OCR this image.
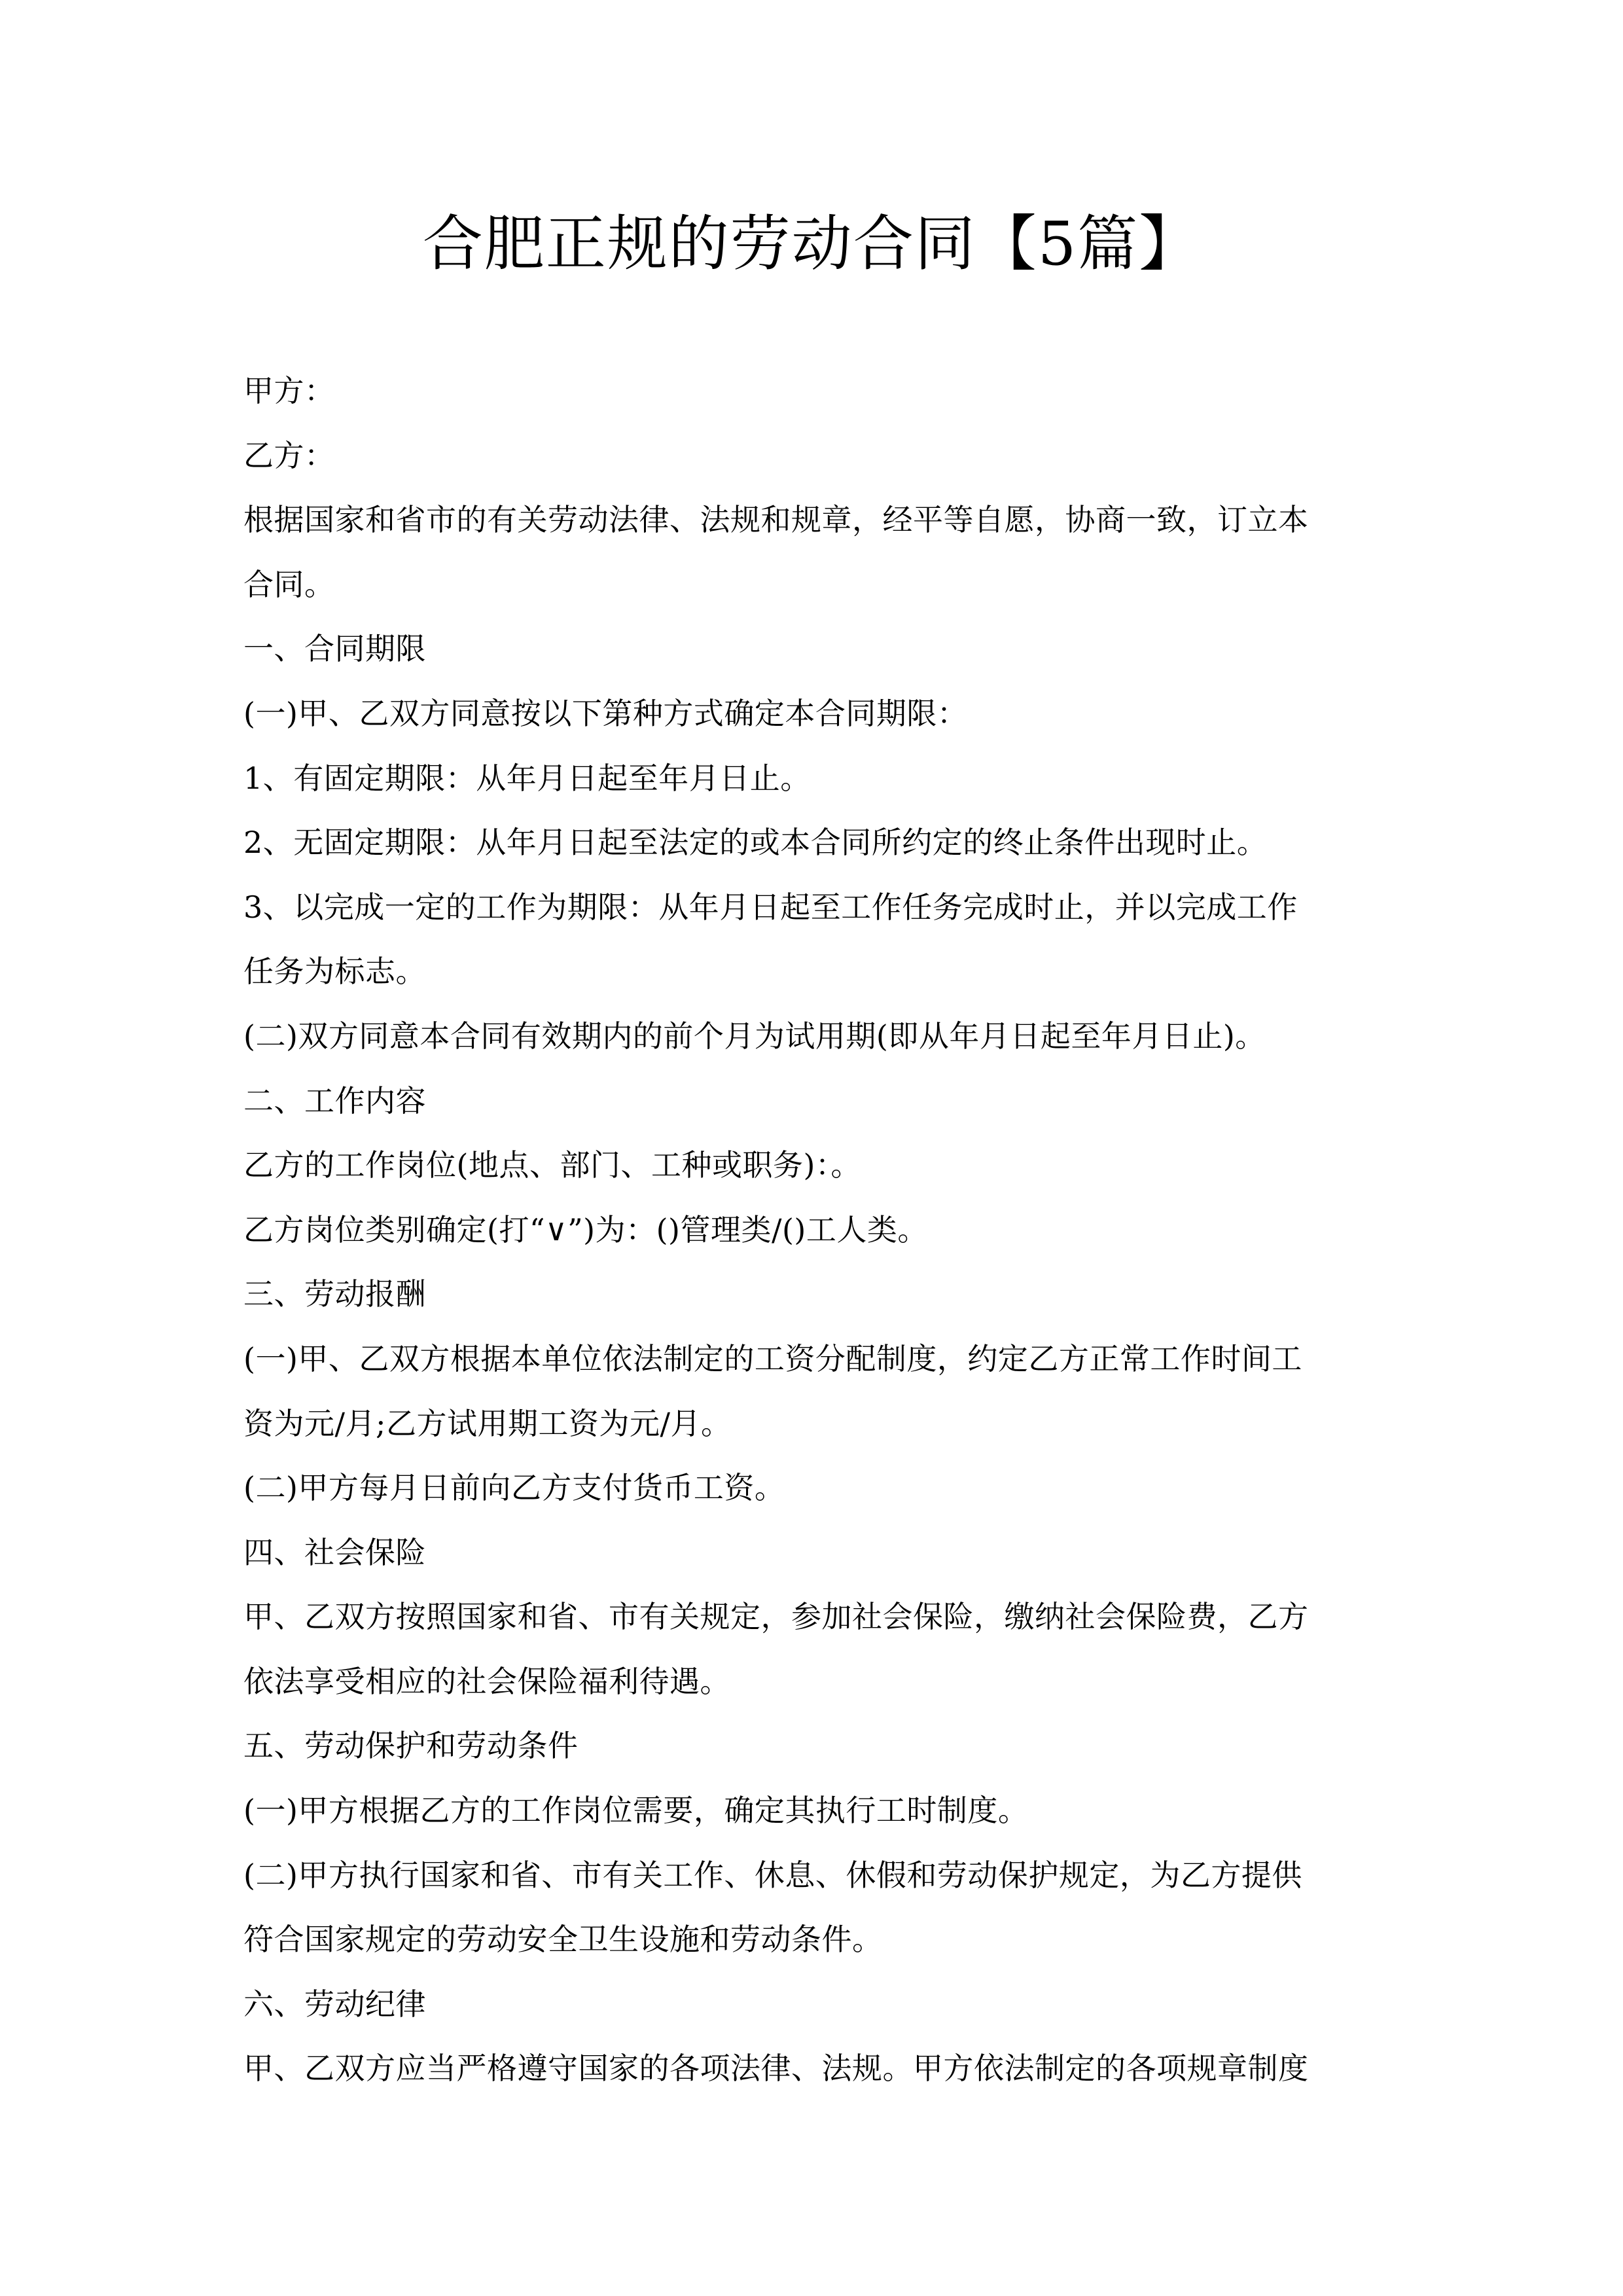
合肥正规的劳动合同【5篇】

甲方：

乙方：

根据国家和省市的有关劳动法律、法规和规章，经平等自愿，协商一致，订立本

合同。

一、合同期限

(一)甲、乙双方同意按以下第种方式确定本合同期限：

1、有固定期限：从年月日起至年月日止。

2、无固定期限：从年月日起至法定的或本合同所约定的终止条件出现时止。

3、以完成一定的工作为期限：从年月日起至工作任务完成时止，并以完成工作

任务为标志。

(二)双方同意本合同有效期内的前个月为试用期(即从年月日起至年月日止)。

二、工作内容

乙方的工作岗位(地点、部门、工种或职务)：。

乙方岗位类别确定(打“∨”)为：()管理类/()工人类。

三、劳动报酬

(一)甲、乙双方根据本单位依法制定的工资分配制度，约定乙方正常工作时间工

资为元/月;乙方试用期工资为元/月。

(二)甲方每月日前向乙方支付货币工资。

四、社会保险

甲、乙双方按照国家和省、市有关规定，参加社会保险，缴纳社会保险费，乙方

依法享受相应的社会保险福利待遇。

五、劳动保护和劳动条件

(一)甲方根据乙方的工作岗位需要，确定其执行工时制度。

(二)甲方执行国家和省、市有关工作、休息、休假和劳动保护规定，为乙方提供

符合国家规定的劳动安全卫生设施和劳动条件。

六、劳动纪律

甲、乙双方应当严格遵守国家的各项法律、法规。甲方依法制定的各项规章制度
